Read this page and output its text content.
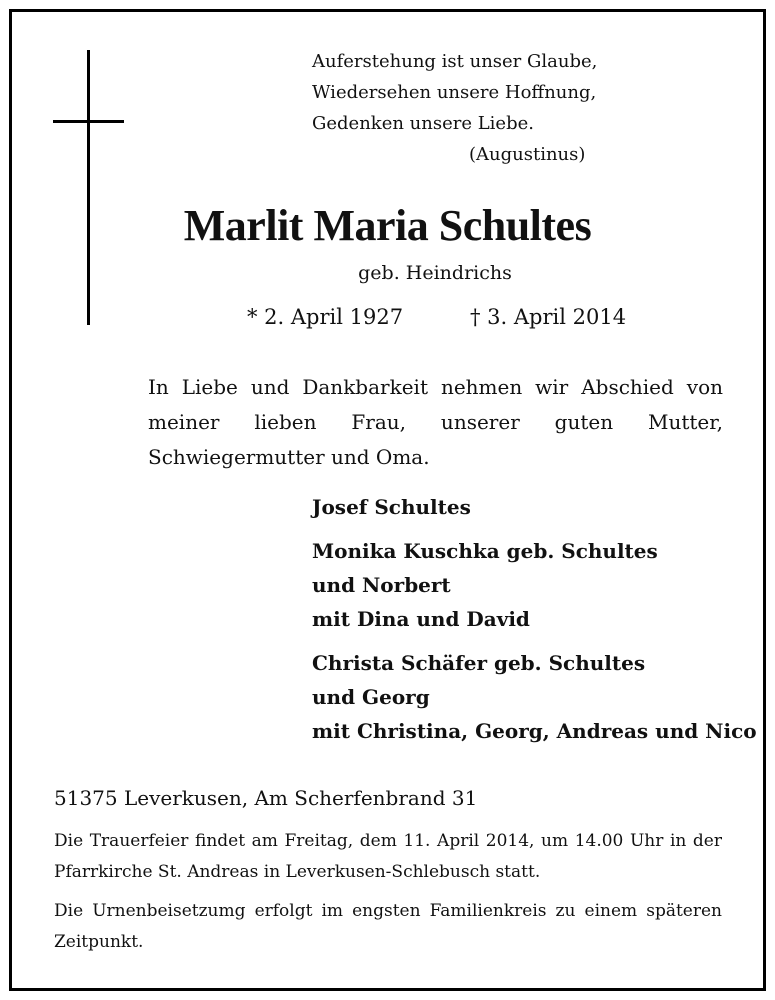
Auferstehung ist unser Glaube,
Wiedersehen unsere Hoffnung,
Gedenken unsere Liebe.
(Augustinus)
Marlit Maria Schultes
geb. Heindrichs
* 2. April 1927	† 3. April 2014
In Liebe und Dankbarkeit nehmen wir Abschied von meiner lieben Frau, unserer guten Mutter, Schwiegermutter und Oma.
Josef Schultes
Monika Kuschka geb. Schultes
und Norbert
mit Dina und David
Christa Schäfer geb. Schultes
und Georg
mit Christina, Georg, Andreas und Nico
51375 Leverkusen, Am Scherfenbrand 31
Die Trauerfeier findet am Freitag, dem 11. April 2014, um 14.00 Uhr in der Pfarrkirche St. Andreas in Leverkusen-Schlebusch statt.
Die Urnenbeisetzumg erfolgt im engsten Familienkreis zu einem späteren Zeitpunkt.
